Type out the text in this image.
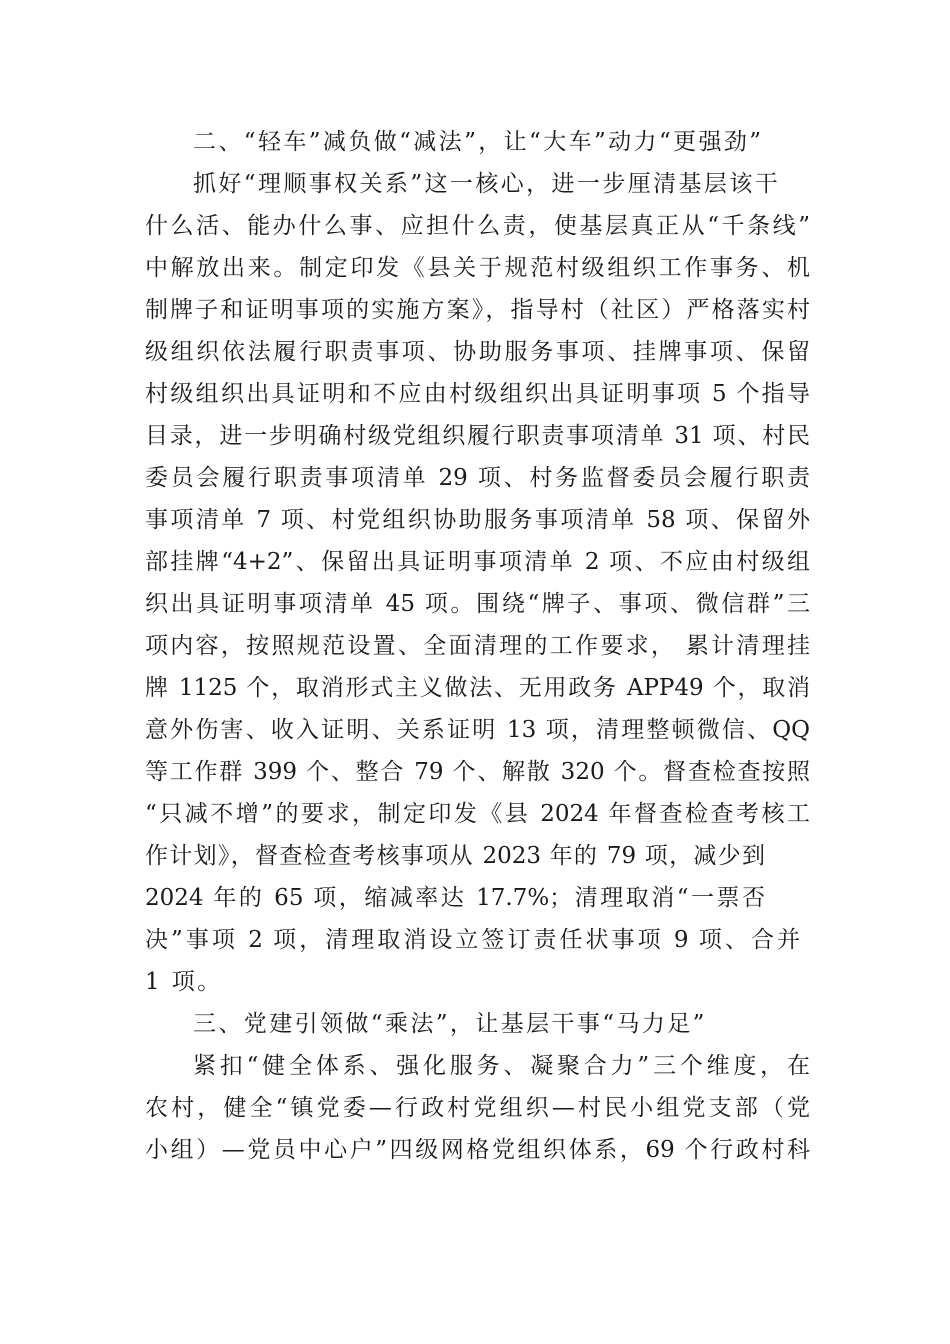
二、“轻车”减负做“减法”，让“大车”动力“更强劲”
抓好“理顺事权关系”这一核心，进一步厘清基层该干
什么活、能办什么事、应担什么责，使基层真正从“千条线”
中解放出来。制定印发《县关于规范村级组织工作事务、机
制牌子和证明事项的实施方案》，指导村（社区）严格落实村
级组织依法履行职责事项、协助服务事项、挂牌事项、保留
村级组织出具证明和不应由村级组织出具证明事项 5 个指导
目录，进一步明确村级党组织履行职责事项清单 31 项、村民
委员会履行职责事项清单 29 项、村务监督委员会履行职责
事项清单 7 项、村党组织协助服务事项清单 58 项、保留外
部挂牌“4+2”、保留出具证明事项清单 2 项、不应由村级组
织出具证明事项清单 45 项。围绕“牌子、事项、微信群”三
项内容，按照规范设置、全面清理的工作要求， 累计清理挂
牌 1125 个，取消形式主义做法、无用政务 APP49 个，取消
意外伤害、收入证明、关系证明 13 项，清理整顿微信、QQ
等工作群 399 个、整合 79 个、解散 320 个。督查检查按照
“只减不增”的要求，制定印发《县 2024 年督查检查考核工
作计划》，督查检查考核事项从 2023 年的 79 项，减少到
2024 年的 65 项，缩减率达 17.7%；清理取消“一票否
决”事项 2 项，清理取消设立签订责任状事项 9 项、合并
1 项。
三、党建引领做“乘法”，让基层干事“马力足”
紧扣“健全体系、强化服务、凝聚合力”三个维度，在
农村，健全“镇党委—行政村党组织—村民小组党支部（党
小组）—党员中心户”四级网格党组织体系，69 个行政村科
